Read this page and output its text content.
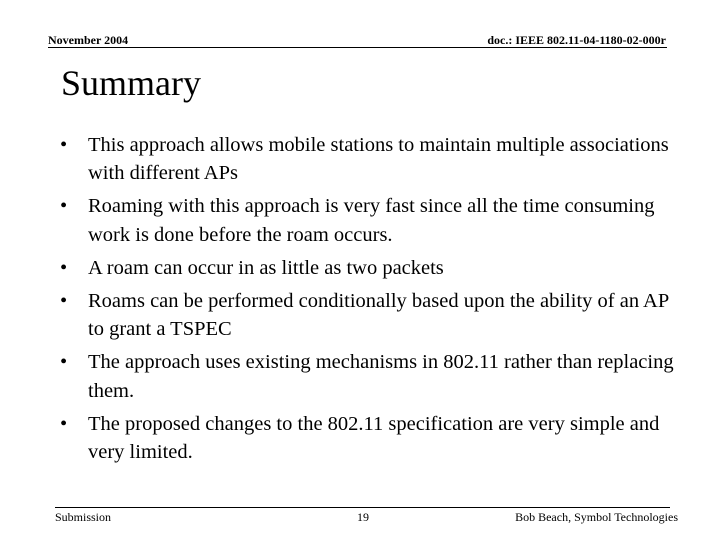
November 2004	doc.: IEEE 802.11-04-1180-02-000r
Summary
•	This approach allows mobile stations to maintain multiple associations with different APs
•	Roaming with this approach is very fast since all the time consuming work is done before the roam occurs.
•	A roam can occur in as little as two packets
•	Roams can be performed conditionally based upon the ability of an AP to grant a TSPEC
•	The approach uses existing mechanisms in 802.11 rather than replacing them.
•	The proposed changes to the 802.11 specification are very simple and very limited.
Submission	19	Bob Beach, Symbol Technologies
